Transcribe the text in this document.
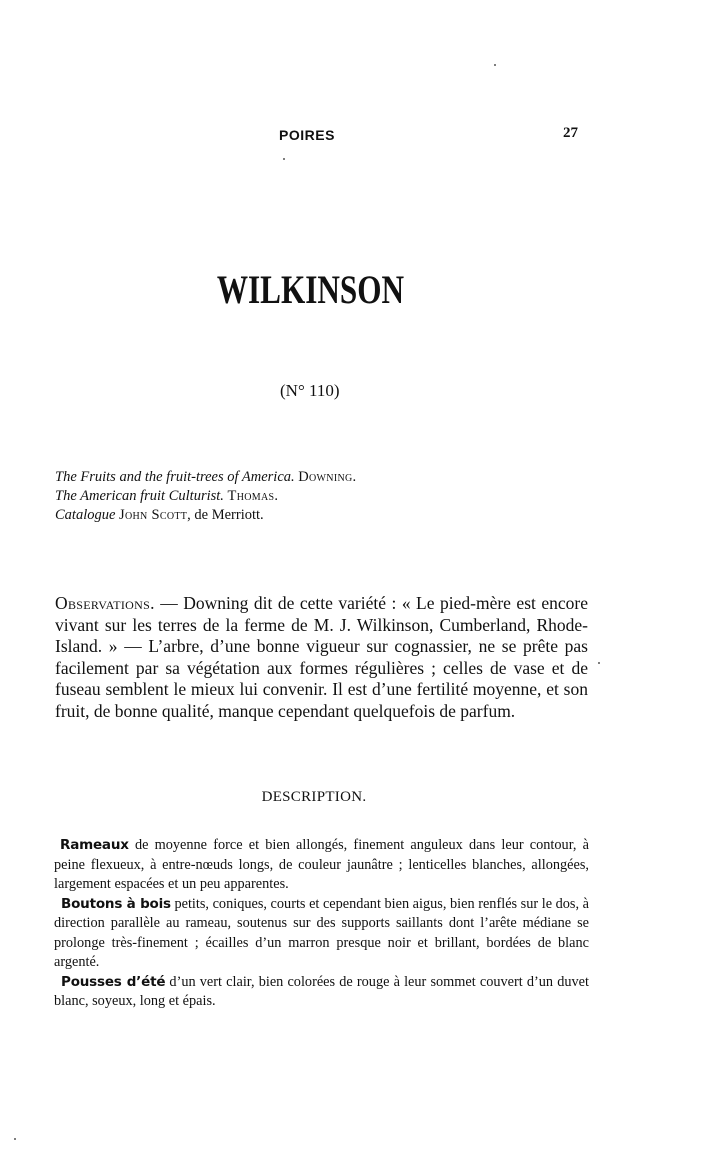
POIRES	27
WILKINSON
(N° 110)
The Fruits and the fruit-trees of America. Downing.
The American fruit Culturist. Thomas.
Catalogue John Scott, de Merriott.
Observations. — Downing dit de cette variété : « Le pied-mère est encore vivant sur les terres de la ferme de M. J. Wilkinson, Cumberland, Rhode-Island. » — L’arbre, d’une bonne vigueur sur cognassier, ne se prête pas facilement par sa végétation aux formes régulières ; celles de vase et de fuseau semblent le mieux lui convenir. Il est d’une fertilité moyenne, et son fruit, de bonne qualité, manque cependant quelquefois de parfum.
DESCRIPTION.

Rameaux de moyenne force et bien allongés, finement anguleux dans leur contour, à peine flexueux, à entre-nœuds longs, de couleur jaunâtre ; lenticelles blanches, allongées, largement espacées et un peu apparentes.

Boutons à bois petits, coniques, courts et cependant bien aigus, bien renflés sur le dos, à direction parallèle au rameau, soutenus sur des supports saillants dont l’arête médiane se prolonge très-finement ; écailles d’un marron presque noir et brillant, bordées de blanc argenté.

Pousses d’été d’un vert clair, bien colorées de rouge à leur sommet couvert d’un duvet blanc, soyeux, long et épais.
